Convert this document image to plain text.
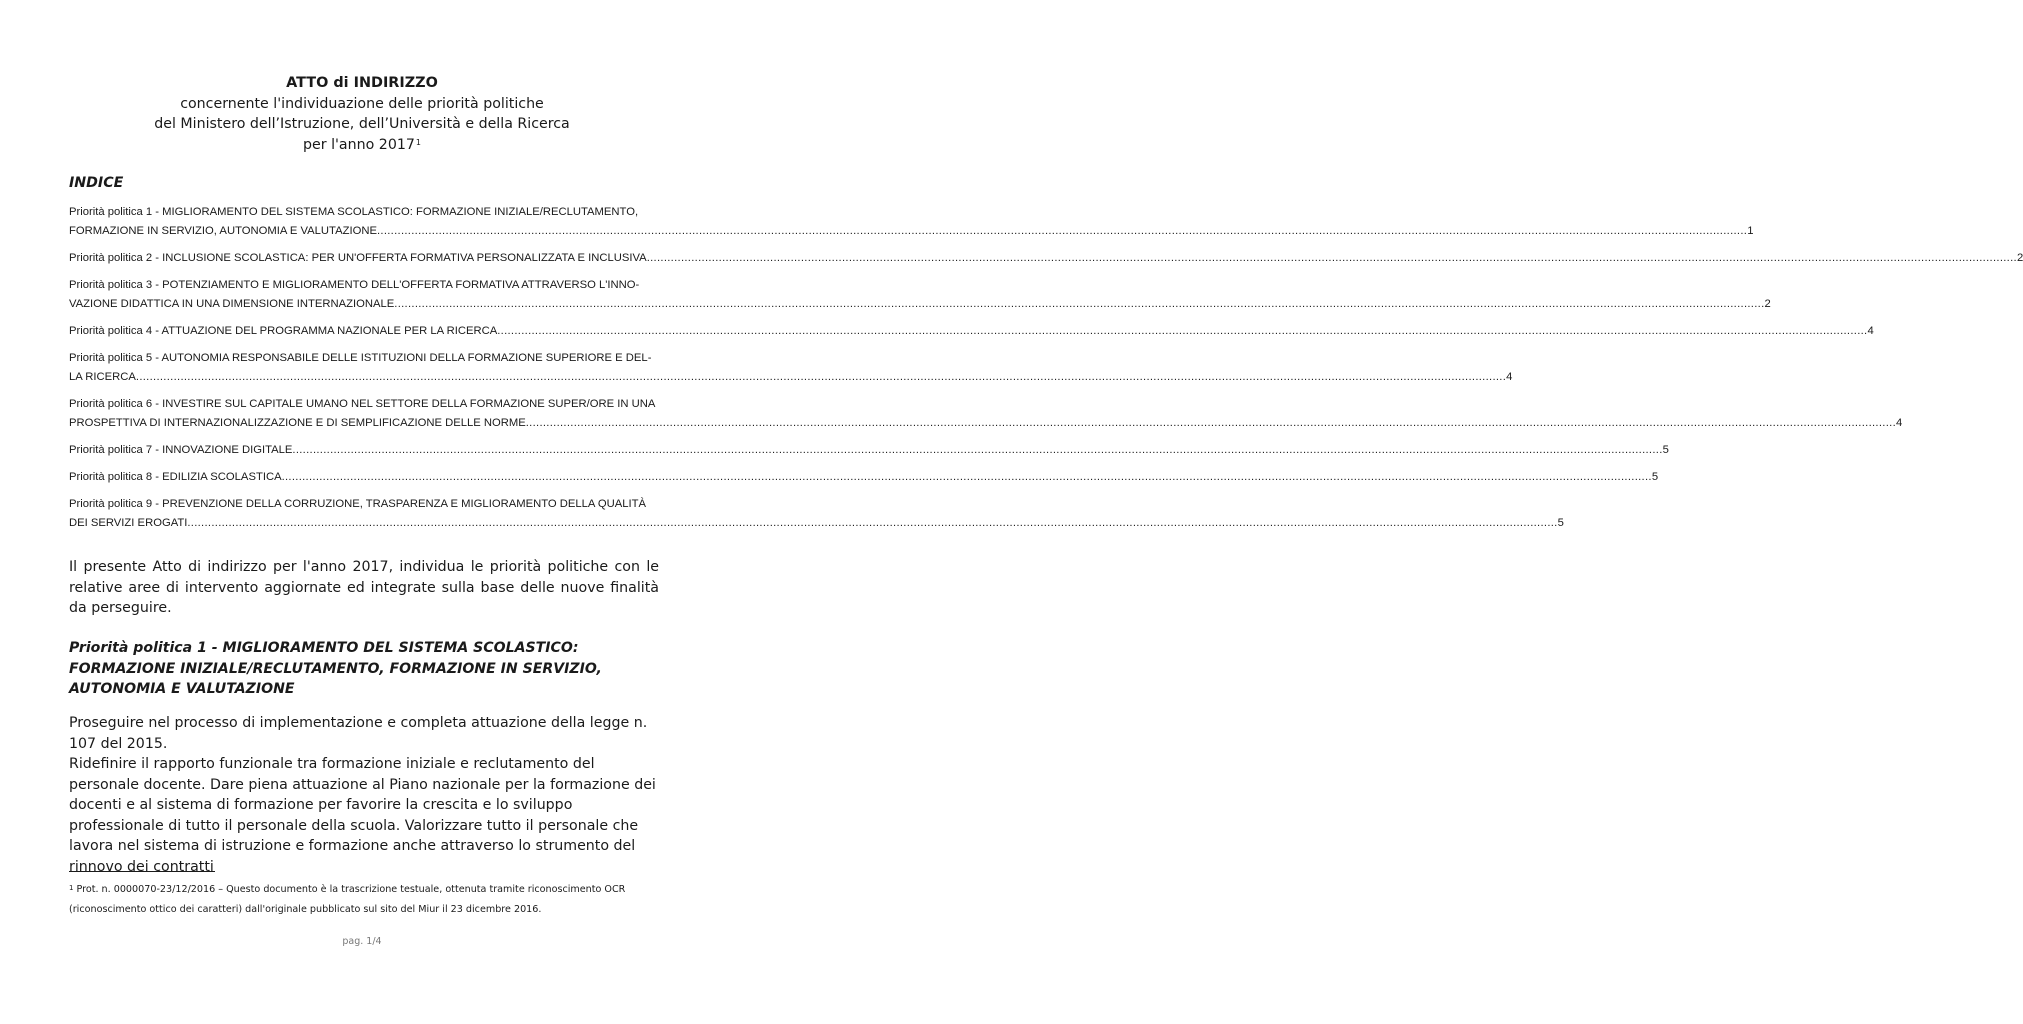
ATTO di INDIRIZZO
concernente l'individuazione delle priorità politiche
del Ministero dell’Istruzione, dell’Università e della Ricerca
per l'anno 2017$^1$
INDICE
Priorità politica 1 - MIGLIORAMENTO DEL SISTEMA SCOLASTICO: FORMAZIONE INIZIALE/RECLUTAMENTO,
FORMAZIONE IN SERVIZIO, AUTONOMIA E VALUTAZIONE ................................................................................................................................................................................................................................................................................................................................................................................................................ 1
Priorità politica 2 - INCLUSIONE SCOLASTICA: PER UN'OFFERTA FORMATIVA PERSONALIZZATA E INCLUSIVA ................................................................................................................................................................................................................................................................................................................................................................................................................ 2
Priorità politica 3 - POTENZIAMENTO E MIGLIORAMENTO DELL'OFFERTA FORMATIVA ATTRAVERSO L'INNO-
VAZIONE DIDATTICA IN UNA DIMENSIONE INTERNAZIONALE ................................................................................................................................................................................................................................................................................................................................................................................................................ 2
Priorità politica 4 - ATTUAZIONE DEL PROGRAMMA NAZIONALE PER LA RICERCA ................................................................................................................................................................................................................................................................................................................................................................................................................ 4
Priorità politica 5 - AUTONOMIA RESPONSABILE DELLE ISTITUZIONI DELLA FORMAZIONE SUPERIORE E DEL-
LA RICERCA ................................................................................................................................................................................................................................................................................................................................................................................................................ 4
Priorità politica 6 - INVESTIRE SUL CAPITALE UMANO NEL SETTORE DELLA FORMAZIONE SUPER/ORE IN UNA
PROSPETTIVA DI INTERNAZIONALIZZAZIONE E DI SEMPLIFICAZIONE DELLE NORME ................................................................................................................................................................................................................................................................................................................................................................................................................ 4
Priorità politica 7 - INNOVAZIONE DIGITALE ................................................................................................................................................................................................................................................................................................................................................................................................................ 5
Priorità politica 8 - EDILIZIA SCOLASTICA ................................................................................................................................................................................................................................................................................................................................................................................................................ 5
Priorità politica 9 - PREVENZIONE DELLA CORRUZIONE, TRASPARENZA E MIGLIORAMENTO DELLA QUALITÀ
DEI SERVIZI EROGATI ................................................................................................................................................................................................................................................................................................................................................................................................................ 5
Il presente Atto di indirizzo per l'anno 2017, individua le priorità politiche con le relative aree di intervento aggiornate ed integrate sulla base delle nuove finalità da perseguire.
Priorità politica 1 - MIGLIORAMENTO DEL SISTEMA SCOLASTICO: FORMAZIONE INIZIALE/RECLUTAMENTO, FORMAZIONE IN SERVIZIO, AUTONOMIA E VALUTAZIONE

Proseguire nel processo di implementazione e completa attuazione della legge n. 107 del 2015.

Ridefinire il rapporto funzionale tra formazione iniziale e reclutamento del personale docente. Dare piena attuazione al Piano nazionale per la formazione dei docenti e al sistema di formazione per favorire la crescita e lo sviluppo professionale di tutto il personale della scuola. Valorizzare tutto il personale che lavora nel sistema di istruzione e formazione anche attraverso lo strumento del rinnovo dei contratti

$^1$ Prot. n. 0000070-23/12/2016 – Questo documento è la trascrizione testuale, ottenuta tramite riconoscimento OCR (riconoscimento ottico dei caratteri) dall'originale pubblicato sul sito del Miur il 23 dicembre 2016.
pag. 1/4
